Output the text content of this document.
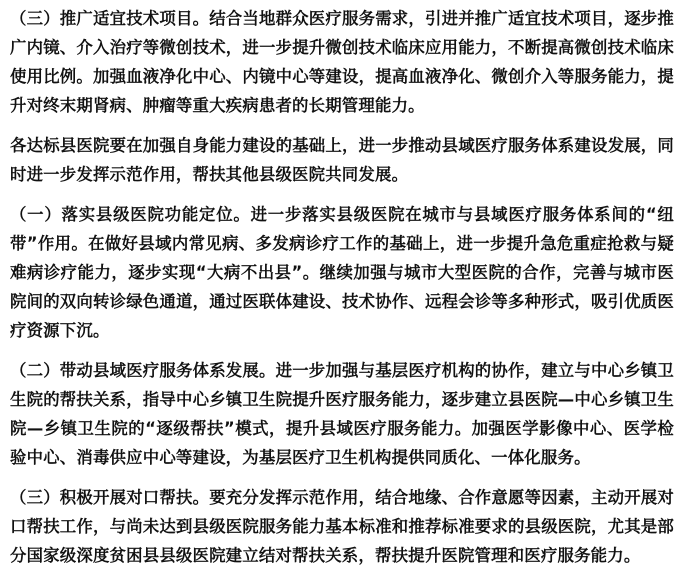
（三）推广适宜技术项目。结合当地群众医疗服务需求，引进并推广适宜技术项目，逐步推广内镜、介入治疗等微创技术，进一步提升微创技术临床应用能力，不断提高微创技术临床使用比例。加强血液净化中心、内镜中心等建设，提高血液净化、微创介入等服务能力，提升对终末期肾病、肿瘤等重大疾病患者的长期管理能力。

各达标县医院要在加强自身能力建设的基础上，进一步推动县域医疗服务体系建设发展，同时进一步发挥示范作用，帮扶其他县级医院共同发展。

（一）落实县级医院功能定位。进一步落实县级医院在城市与县域医疗服务体系间的“纽带”作用。在做好县域内常见病、多发病诊疗工作的基础上，进一步提升急危重症抢救与疑难病诊疗能力，逐步实现“大病不出县”。继续加强与城市大型医院的合作，完善与城市医院间的双向转诊绿色通道，通过医联体建设、技术协作、远程会诊等多种形式，吸引优质医疗资源下沉。

（二）带动县域医疗服务体系发展。进一步加强与基层医疗机构的协作，建立与中心乡镇卫生院的帮扶关系，指导中心乡镇卫生院提升医疗服务能力，逐步建立县医院—中心乡镇卫生院—乡镇卫生院的“逐级帮扶”模式，提升县域医疗服务能力。加强医学影像中心、医学检验中心、消毒供应中心等建设，为基层医疗卫生机构提供同质化、一体化服务。

（三）积极开展对口帮扶。要充分发挥示范作用，结合地缘、合作意愿等因素，主动开展对口帮扶工作，与尚未达到县级医院服务能力基本标准和推荐标准要求的县级医院，尤其是部分国家级深度贫困县县级医院建立结对帮扶关系，帮扶提升医院管理和医疗服务能力。
